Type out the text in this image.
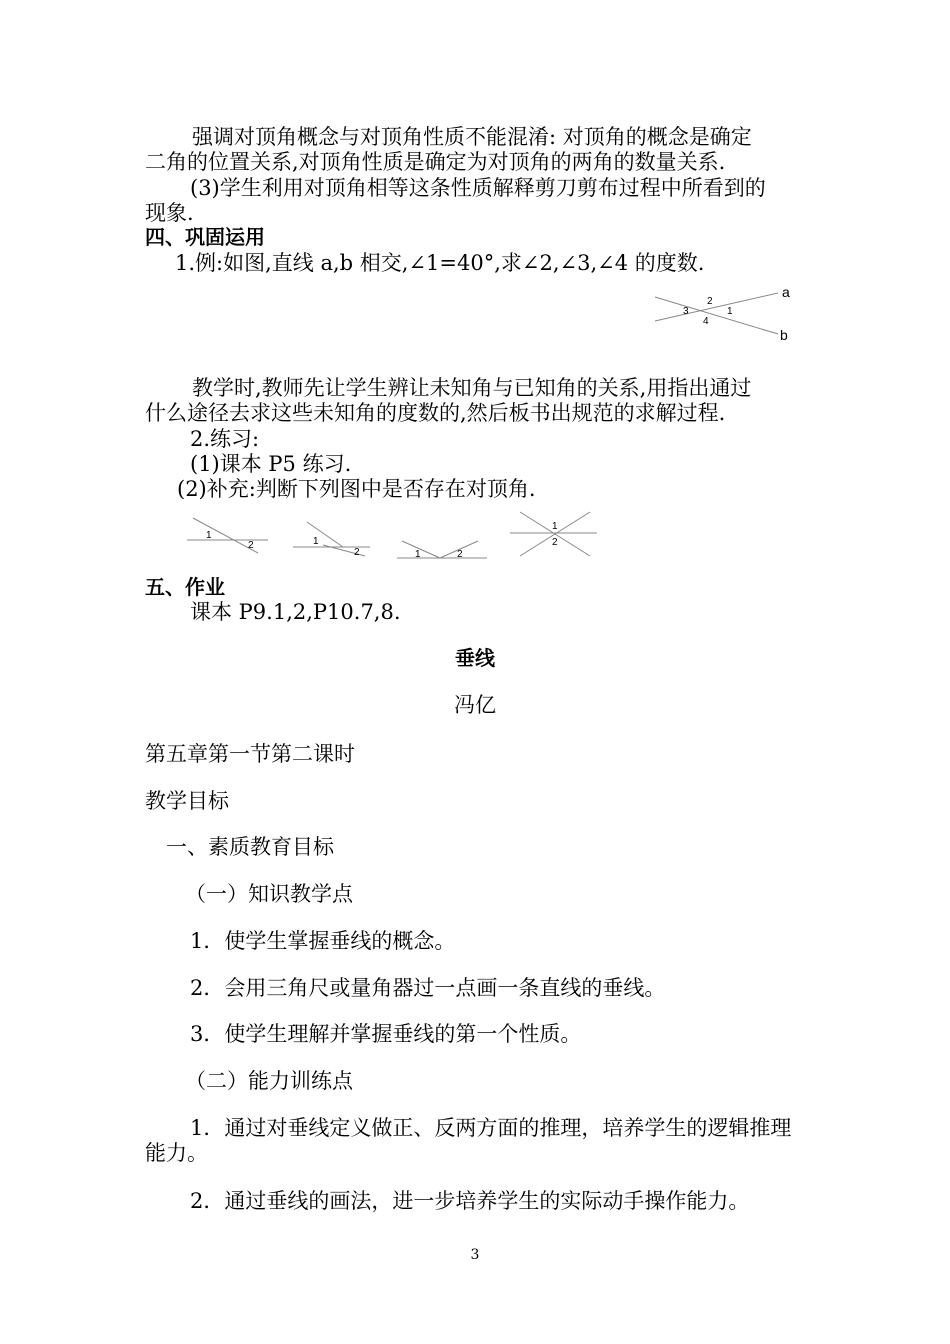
强调对顶角概念与对顶角性质不能混淆: 对顶角的概念是确定
二角的位置关系,对顶角性质是确定为对顶角的两角的数量关系.
(3)学生利用对顶角相等这条性质解释剪刀剪布过程中所看到的
现象.
四、巩固运用
1.例:如图,直线 a,b 相交,∠1=40°,求∠2,∠3,∠4 的度数.
a
b
2
3	1
4
教学时,教师先让学生辨让未知角与已知角的关系,用指出通过
什么途径去求这些未知角的度数的,然后板书出规范的求解过程.
2.练习:
(1)课本 P5 练习.
(2)补充:判断下列图中是否存在对顶角.
1
2	1
2	1	2
1
2
五、作业
课本 P9.1,2,P10.7,8.
垂线
冯亿
第五章第一节第二课时
教学目标
一、素质教育目标
（一）知识教学点
1．使学生掌握垂线的概念。
2．会用三角尺或量角器过一点画一条直线的垂线。
3．使学生理解并掌握垂线的第一个性质。
（二）能力训练点
1．通过对垂线定义做正、反两方面的推理，培养学生的逻辑推理
能力。
2．通过垂线的画法，进一步培养学生的实际动手操作能力。
3
